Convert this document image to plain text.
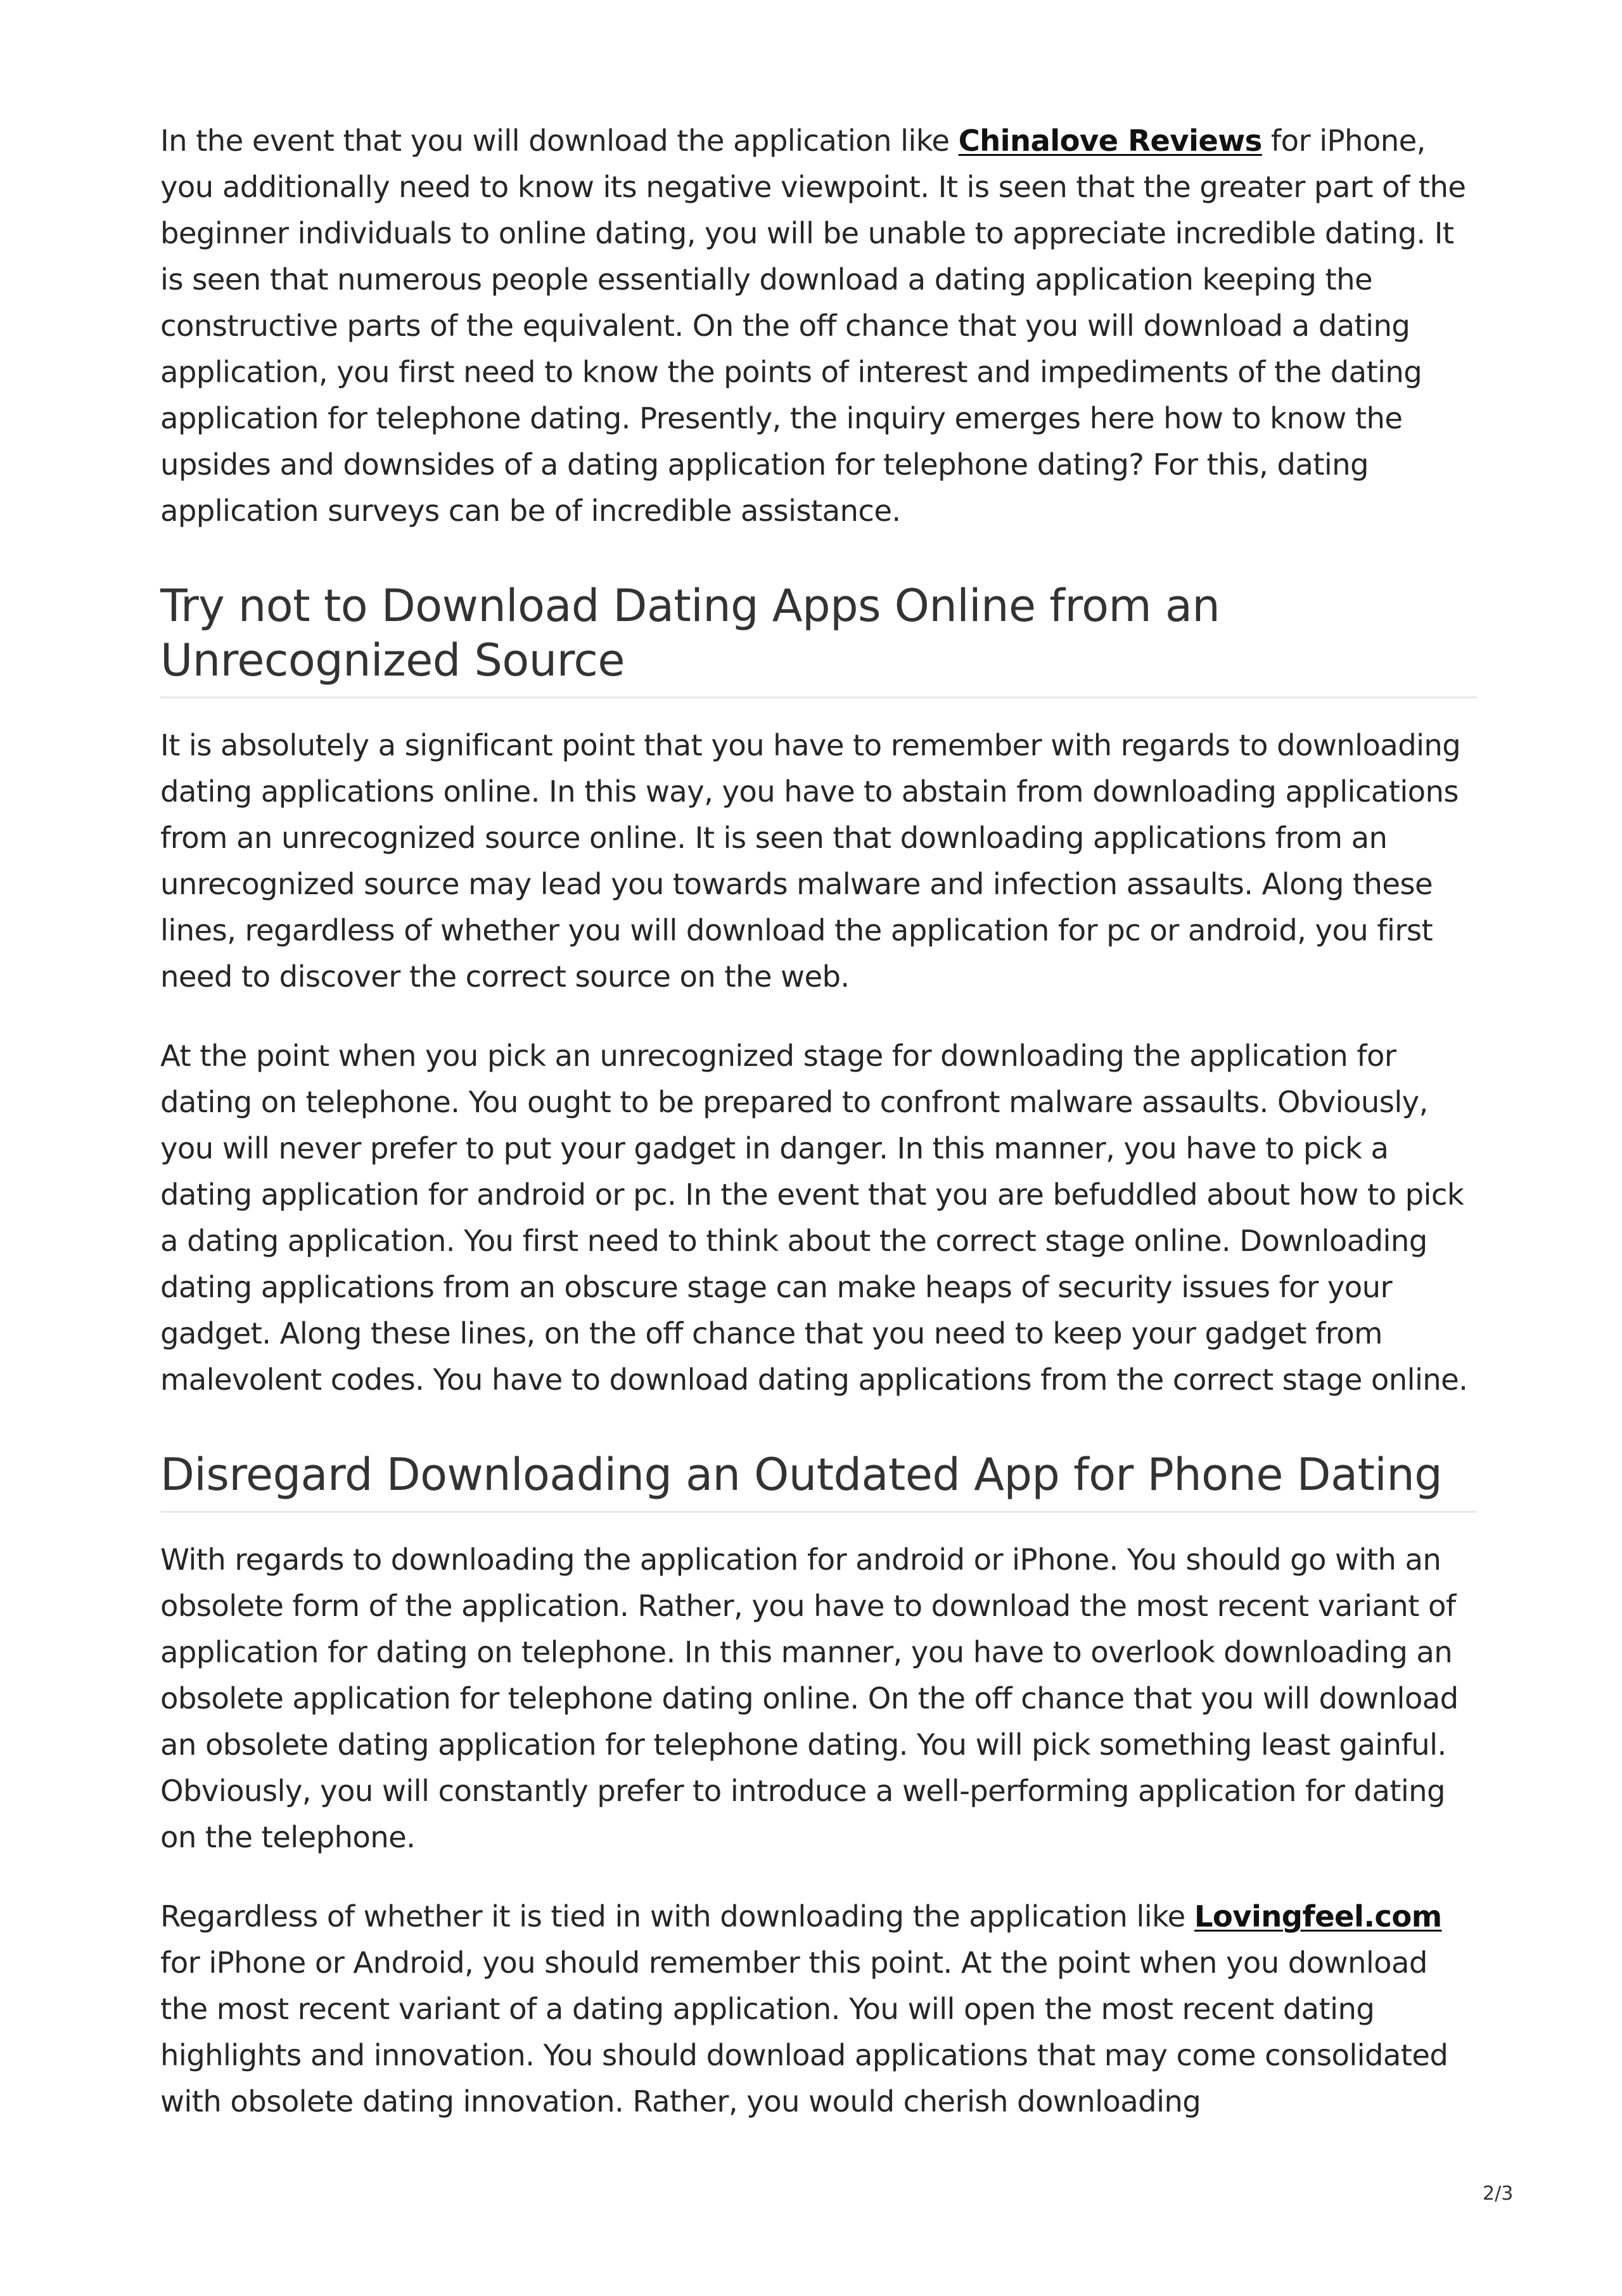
In the event that you will download the application like Chinalove Reviews for iPhone, you additionally need to know its negative viewpoint. It is seen that the greater part of the beginner individuals to online dating, you will be unable to appreciate incredible dating. It is seen that numerous people essentially download a dating application keeping the constructive parts of the equivalent. On the off chance that you will download a dating application, you first need to know the points of interest and impediments of the dating application for telephone dating. Presently, the inquiry emerges here how to know the upsides and downsides of a dating application for telephone dating? For this, dating application surveys can be of incredible assistance.

Try not to Download Dating Apps Online from an Unrecognized Source

It is absolutely a significant point that you have to remember with regards to downloading dating applications online. In this way, you have to abstain from downloading applications from an unrecognized source online. It is seen that downloading applications from an unrecognized source may lead you towards malware and infection assaults. Along these lines, regardless of whether you will download the application for pc or android, you first need to discover the correct source on the web.

At the point when you pick an unrecognized stage for downloading the application for dating on telephone. You ought to be prepared to confront malware assaults. Obviously, you will never prefer to put your gadget in danger. In this manner, you have to pick a dating application for android or pc. In the event that you are befuddled about how to pick a dating application. You first need to think about the correct stage online. Downloading dating applications from an obscure stage can make heaps of security issues for your gadget. Along these lines, on the off chance that you need to keep your gadget from malevolent codes. You have to download dating applications from the correct stage online.

Disregard Downloading an Outdated App for Phone Dating

With regards to downloading the application for android or iPhone. You should go with an obsolete form of the application. Rather, you have to download the most recent variant of application for dating on telephone. In this manner, you have to overlook downloading an obsolete application for telephone dating online. On the off chance that you will download an obsolete dating application for telephone dating. You will pick something least gainful. Obviously, you will constantly prefer to introduce a well-performing application for dating on the telephone.

Regardless of whether it is tied in with downloading the application like Lovingfeel.com for iPhone or Android, you should remember this point. At the point when you download the most recent variant of a dating application. You will open the most recent dating highlights and innovation. You should download applications that may come consolidated with obsolete dating innovation. Rather, you would cherish downloading

2/3
